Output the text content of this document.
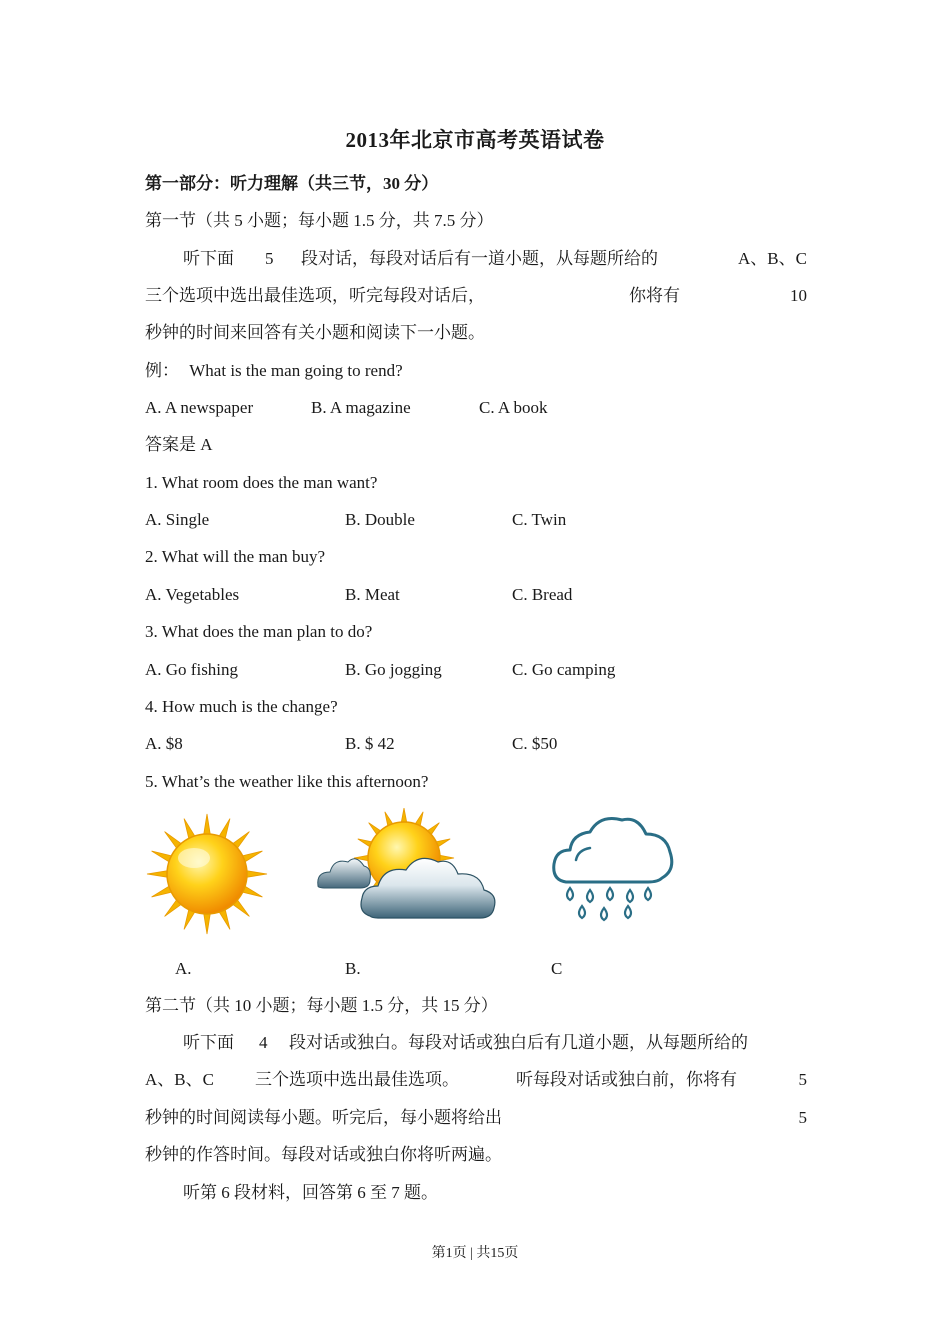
2013年北京市高考英语试卷
第一部分：听力理解（共三节，30 分）
第一节（共 5 小题；每小题 1.5 分，共 7.5 分）
听下面 5 段对话，每段对话后有一道小题，从每题所给的	A、B、C
三个选项中选出最佳选项，听完每段对话后，	你将有	10
秒钟的时间来回答有关小题和阅读下一小题。
例： What is the man going to rend?
A. A newspaper	B. A magazine	C. A book
答案是 A
1. What room does the man want?
A. Single	B. Double	C. Twin
2. What will the man buy?
A. Vegetables	B. Meat	C. Bread
3. What does the man plan to do?
A. Go fishing	B. Go jogging	C. Go camping
4. How much is the change?
A. $8	B. $ 42	C. $50
5. What’s the weather like this afternoon?
A.	B.	C
第二节（共 10 小题；每小题 1.5 分，共 15 分）
听下面 4 段对话或独白。每段对话或独白后有几道小题，从每题所给的
A、B、C 三个选项中选出最佳选项。	听每段对话或独白前，你将有	5
秒钟的时间阅读每小题。听完后，每小题将给出	5
秒钟的作答时间。每段对话或独白你将听两遍。
听第 6 段材料，回答第 6 至 7 题。
第1页 | 共15页
